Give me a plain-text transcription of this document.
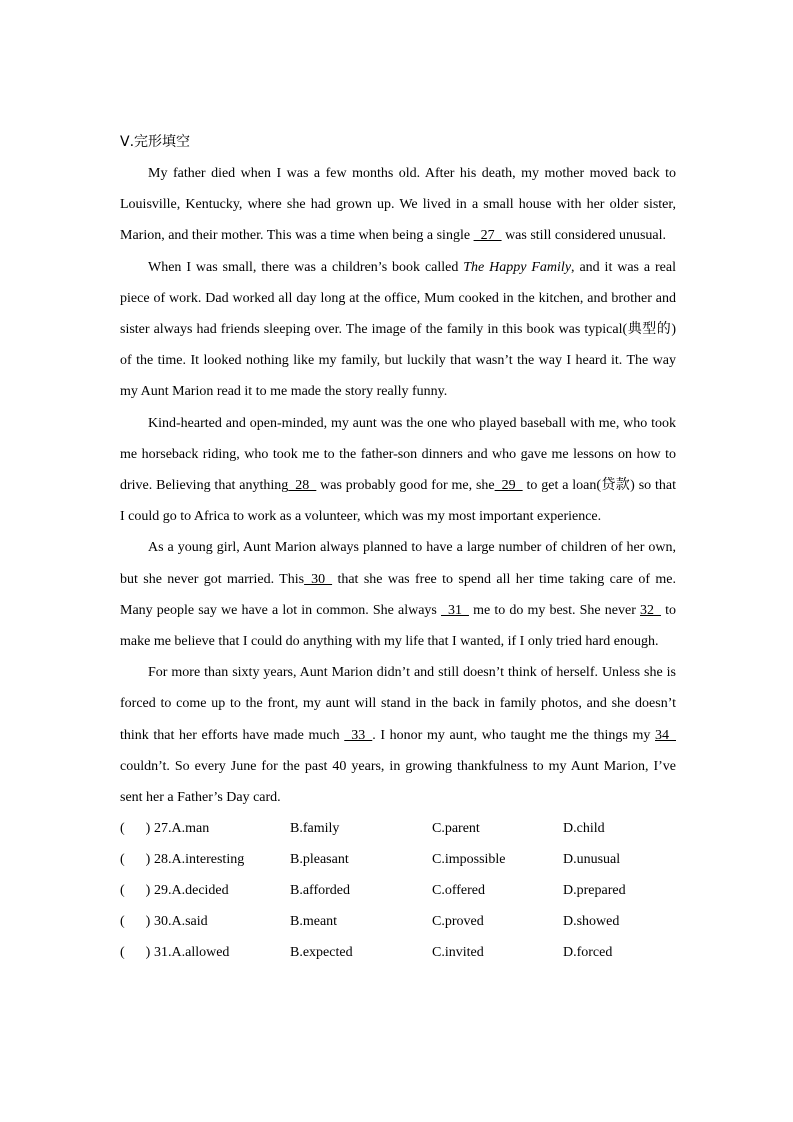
Ⅴ.完形填空

My father died when I was a few months old. After his death, my mother moved back to Louisville, Kentucky, where she had grown up. We lived in a small house with her older sister, Marion, and their mother. This was a time when being a single   27   was still considered unusual.

When I was small, there was a children’s book called The Happy Family, and it was a real piece of work. Dad worked all day long at the office, Mum cooked in the kitchen, and brother and sister always had friends sleeping over. The image of the family in this book was typical(典型的) of the time. It looked nothing like my family, but luckily that wasn’t the way I heard it. The way my Aunt Marion read it to me made the story really funny.

Kind-hearted and open-minded, my aunt was the one who played baseball with me, who took me horseback riding, who took me to the father-son dinners and who gave me lessons on how to drive. Believing that anything  28   was probably good for me, she  29   to get a loan(贷款) so that I could go to Africa to work as a volunteer, which was my most important experience.

As a young girl, Aunt Marion always planned to have a large number of children of her own, but she never got married. This  30   that she was free to spend all her time taking care of me. Many people say we have a lot in common. She always   31   me to do my best. She never 32   to make me believe that I could do anything with my life that I wanted, if I only tried hard enough.

For more than sixty years, Aunt Marion didn’t and still doesn’t think of herself. Unless she is forced to come up to the front, my aunt will stand in the back in family photos, and she doesn’t think that her efforts have made much   33  . I honor my aunt, who taught me the things my 34   couldn’t. So every June for the past 40 years, in growing thankfulness to my Aunt Marion, I’ve sent her a Father’s Day card.

(      ) 27.A.man	B.family	C.parent	D.child
(      ) 28.A.interesting	B.pleasant	C.impossible	D.unusual
(      ) 29.A.decided	B.afforded	C.offered	D.prepared
(      ) 30.A.said	B.meant	C.proved	D.showed
(      ) 31.A.allowed	B.expected	C.invited	D.forced
